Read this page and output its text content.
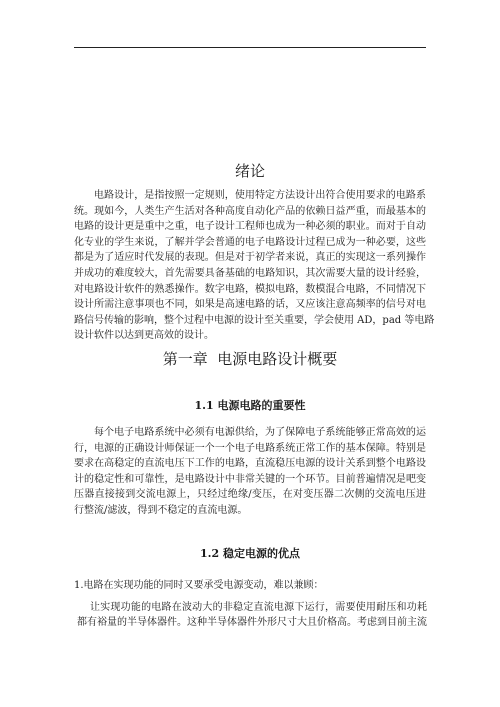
绪论
电路设计，是指按照一定规则，使用特定方法设计出符合使用要求的电路系
统。现如今，人类生产生活对各种高度自动化产品的依赖日益严重，而最基本的
电路的设计更是重中之重，电子设计工程师也成为一种必须的职业。而对于自动
化专业的学生来说，了解并学会普通的电子电路设计过程已成为一种必要，这些
都是为了适应时代发展的表现。但是对于初学者来说，真正的实现这一系列操作
并成功的难度较大，首先需要具备基础的电路知识，其次需要大量的设计经验，
对电路设计软件的熟悉操作。数字电路，模拟电路，数模混合电路，不同情况下
设计所需注意事项也不同，如果是高速电路的话，又应该注意高频率的信号对电
路信号传输的影响，整个过程中电源的设计至关重要，学会使用 AD，pad 等电路
设计软件以达到更高效的设计。
第一章  电源电路设计概要
1.1 电源电路的重要性
每个电子电路系统中必须有电源供给，为了保障电子系统能够正常高效的运
行，电源的正确设计师保证一个一个电子电路系统正常工作的基本保障。特别是
要求在高稳定的直流电压下工作的电路，直流稳压电源的设计关系到整个电路设
计的稳定性和可靠性，是电路设计中非常关键的一个环节。目前普遍情况是吧变
压器直接接到交流电源上，只经过绝缘/变压，在对变压器二次侧的交流电压进
行整流/滤波，得到不稳定的直流电源。
1.2 稳定电源的优点
1.电路在实现功能的同时又要承受电源变动，难以兼顾：
让实现功能的电路在波动大的非稳定直流电源下运行，需要使用耐压和功耗
都有裕量的半导体器件。这种半导体器件外形尺寸大且价格高。考虑到目前主流
